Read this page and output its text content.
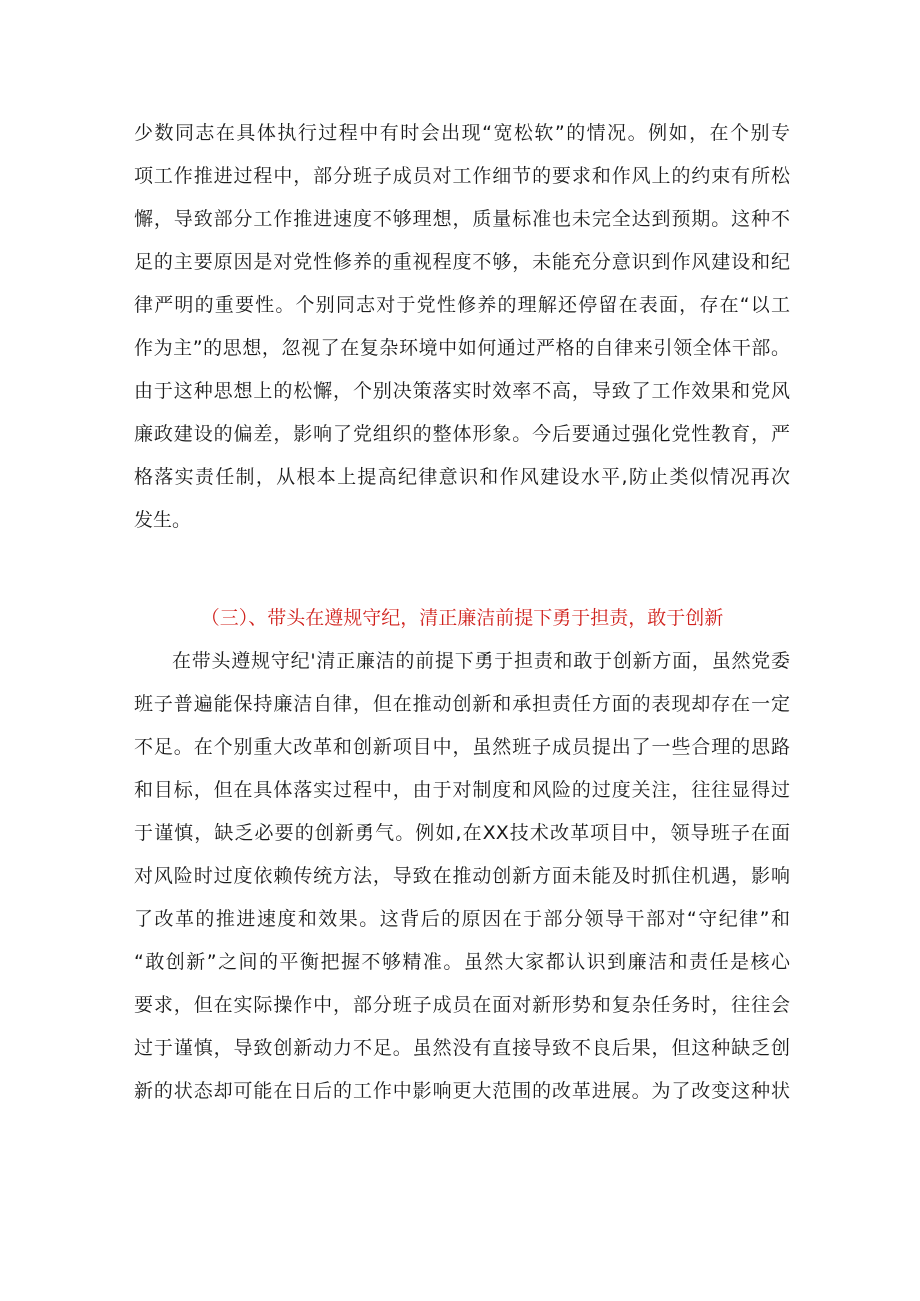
少数同志在具体执行过程中有时会出现“宽松软”的情况。例如，在个别专
项工作推进过程中，部分班子成员对工作细节的要求和作风上的约束有所松
懈，导致部分工作推进速度不够理想，质量标准也未完全达到预期。这种不
足的主要原因是对党性修养的重视程度不够，未能充分意识到作风建设和纪
律严明的重要性。个别同志对于党性修养的理解还停留在表面，存在“以工
作为主”的思想，忽视了在复杂环境中如何通过严格的自律来引领全体干部。
由于这种思想上的松懈，个别决策落实时效率不高，导致了工作效果和党风
廉政建设的偏差，影响了党组织的整体形象。今后要通过强化党性教育，严
格落实责任制，从根本上提高纪律意识和作风建设水平,防止类似情况再次
发生。
（三）、带头在遵规守纪，清正廉洁前提下勇于担责，敢于创新
在带头遵规守纪'清正廉洁的前提下勇于担责和敢于创新方面，虽然党委
班子普遍能保持廉洁自律，但在推动创新和承担责任方面的表现却存在一定
不足。在个别重大改革和创新项目中，虽然班子成员提出了一些合理的思路
和目标，但在具体落实过程中，由于对制度和风险的过度关注，往往显得过
于谨慎，缺乏必要的创新勇气。例如,在XX技术改革项目中，领导班子在面
对风险时过度依赖传统方法，导致在推动创新方面未能及时抓住机遇，影响
了改革的推进速度和效果。这背后的原因在于部分领导干部对“守纪律”和
“敢创新”之间的平衡把握不够精准。虽然大家都认识到廉洁和责任是核心
要求，但在实际操作中，部分班子成员在面对新形势和复杂任务时，往往会
过于谨慎，导致创新动力不足。虽然没有直接导致不良后果，但这种缺乏创
新的状态却可能在日后的工作中影响更大范围的改革进展。为了改变这种状
